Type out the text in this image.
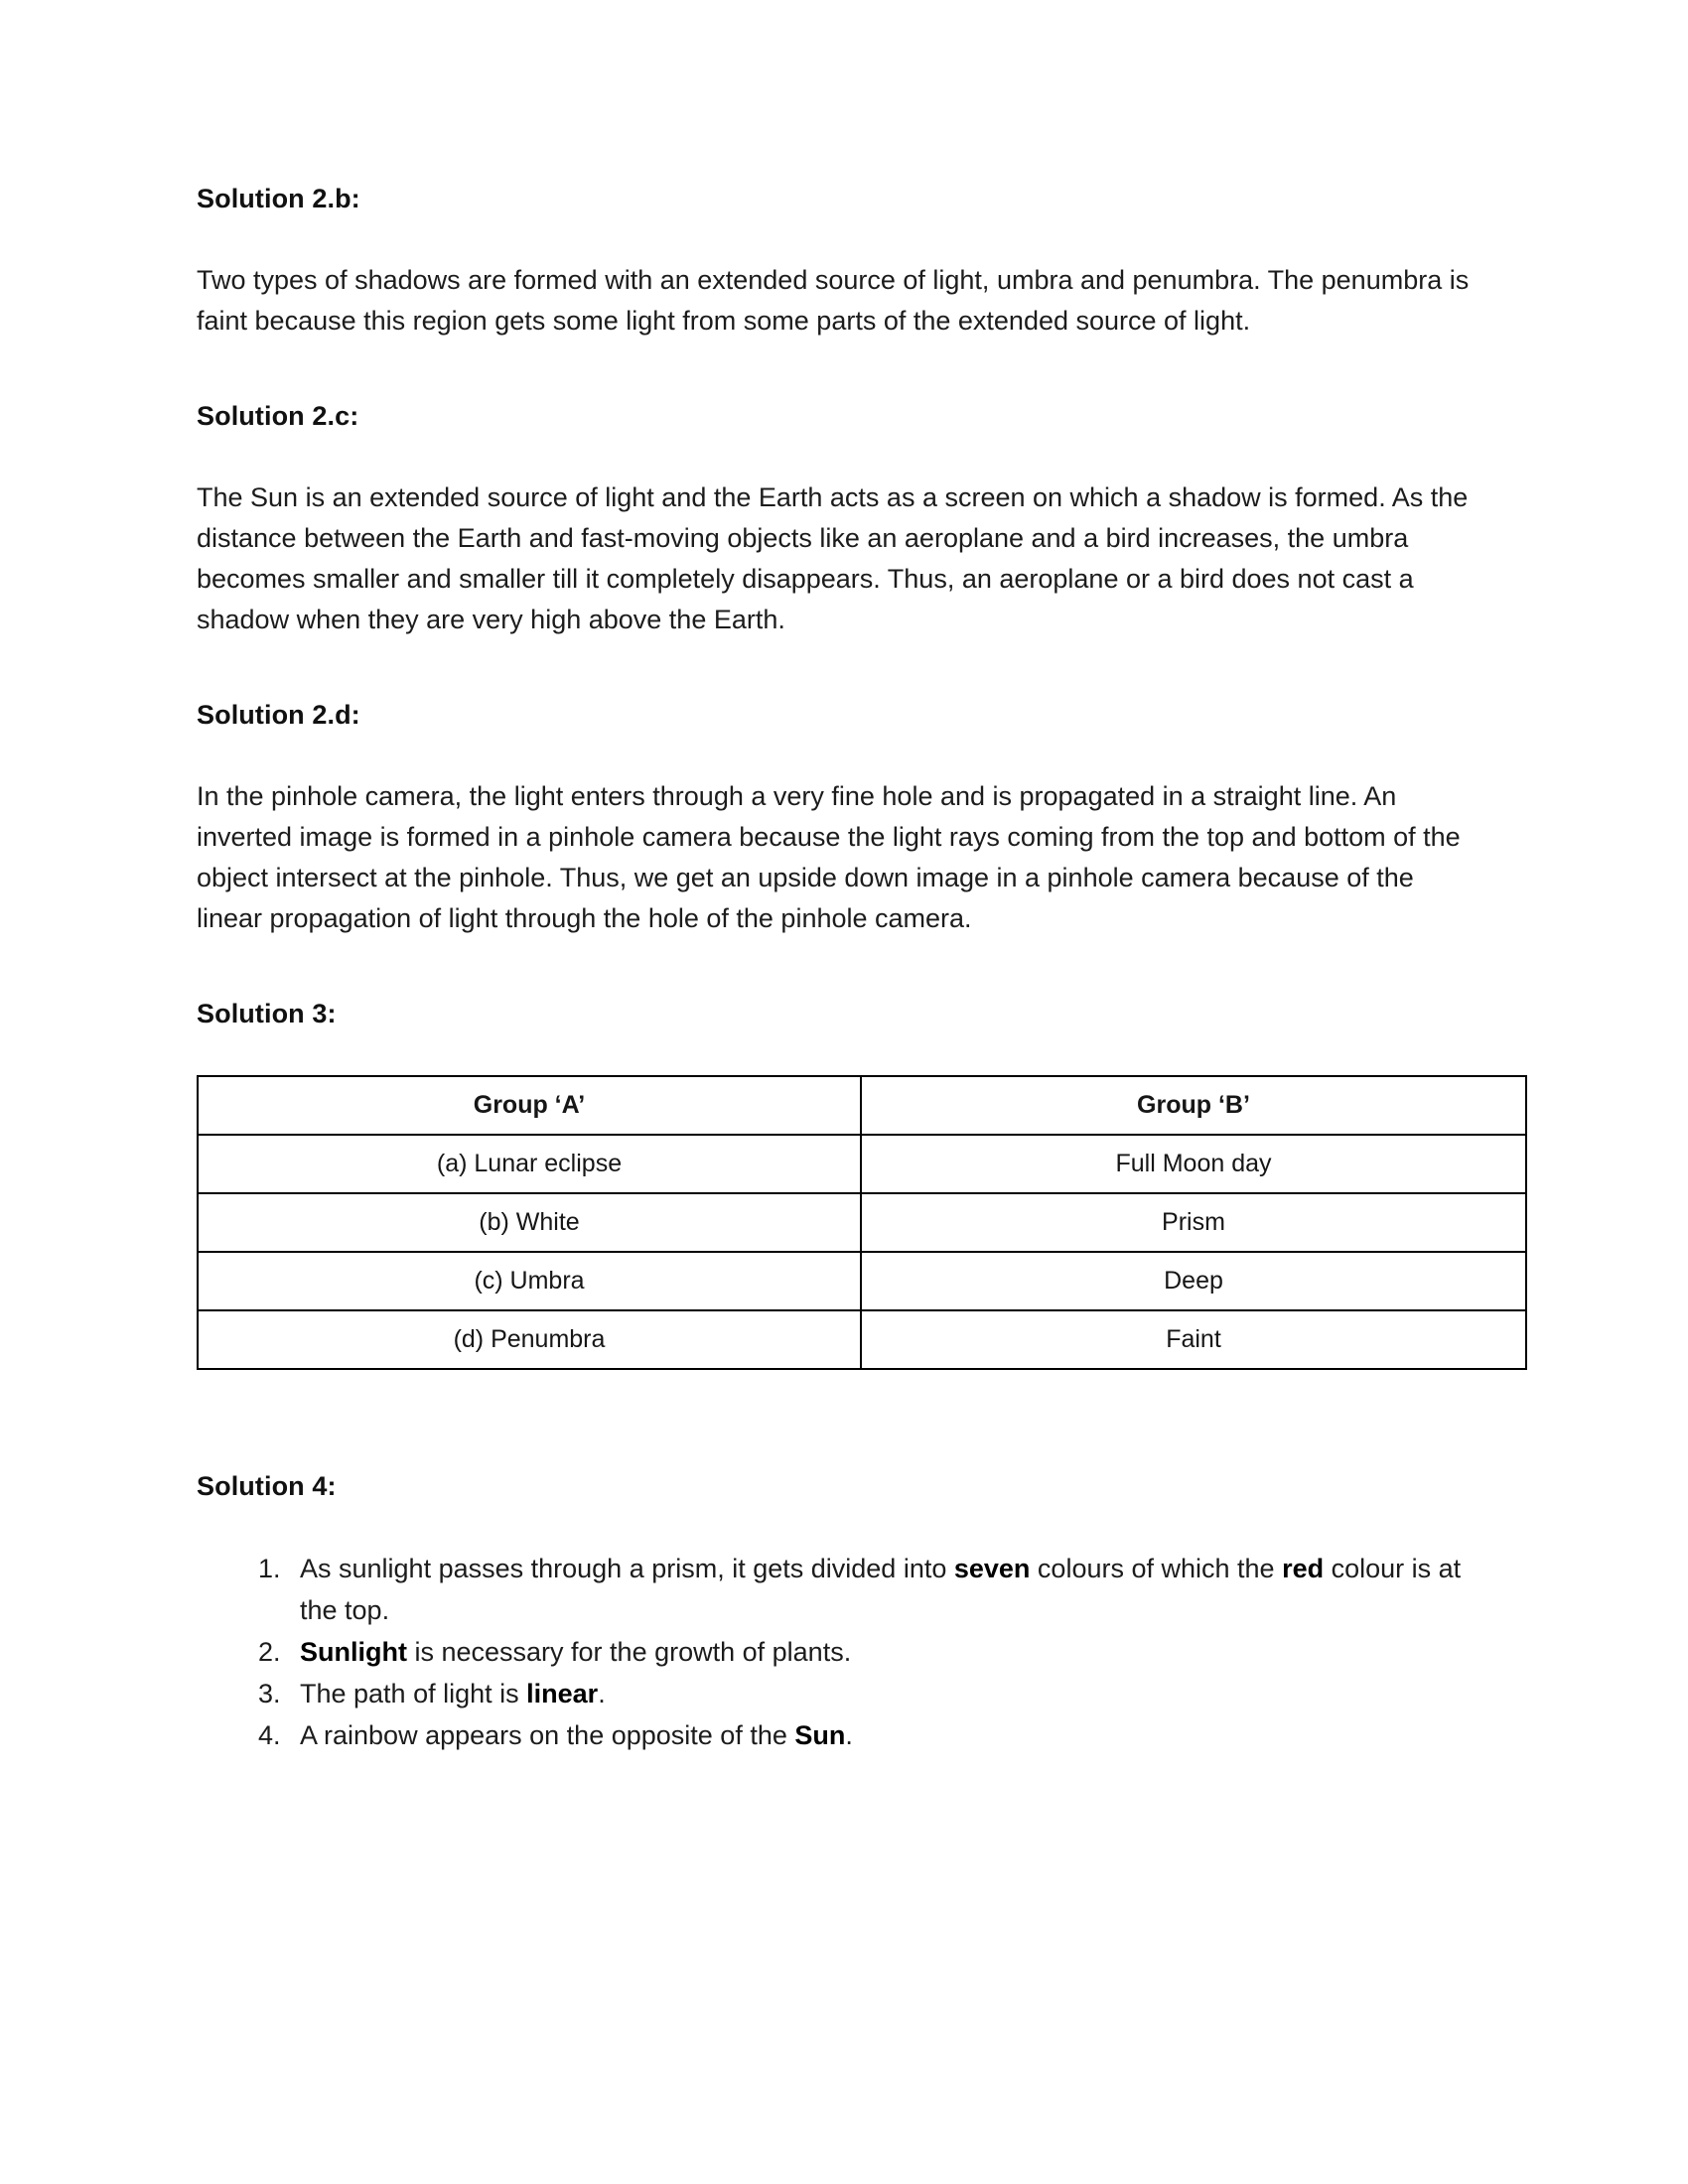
Solution 2.b:

Two types of shadows are formed with an extended source of light, umbra and penumbra. The penumbra is faint because this region gets some light from some parts of the extended source of light.

Solution 2.c:

The Sun is an extended source of light and the Earth acts as a screen on which a shadow is formed. As the distance between the Earth and fast-moving objects like an aeroplane and a bird increases, the umbra becomes smaller and smaller till it completely disappears. Thus, an aeroplane or a bird does not cast a shadow when they are very high above the Earth.

Solution 2.d:

In the pinhole camera, the light enters through a very fine hole and is propagated in a straight line. An inverted image is formed in a pinhole camera because the light rays coming from the top and bottom of the object intersect at the pinhole. Thus, we get an upside down image in a pinhole camera because of the linear propagation of light through the hole of the pinhole camera.

Solution 3:
Group ‘A’	Group ‘B’
(a) Lunar eclipse	Full Moon day
(b) White	Prism
(c) Umbra	Deep
(d) Penumbra	Faint
Solution 4:
1. As sunlight passes through a prism, it gets divided into seven colours of which the red colour is at the top.
2. Sunlight is necessary for the growth of plants.
3. The path of light is linear.
4. A rainbow appears on the opposite of the Sun.
